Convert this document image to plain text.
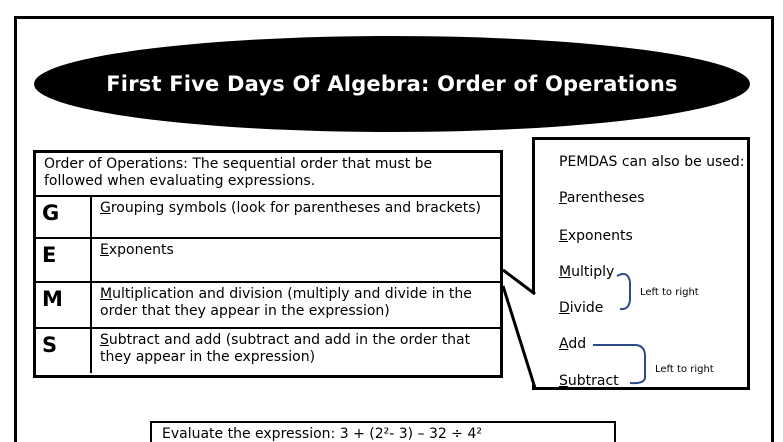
First Five Days Of Algebra: Order of Operations
Order of Operations: The sequential order that must be followed when evaluating expressions.
G	Grouping symbols (look for parentheses and brackets)
E	Exponents
M	Multiplication and division (multiply and divide in the order that they appear in the expression)
S	Subtract and add (subtract and add in the order that they appear in the expression)
PEMDAS can also be used:
Parentheses
Exponents
Multiply
Divide
Add
Subtract
Left to right
Left to right
Evaluate the expression: 3 + (2²- 3) – 32 ÷ 4²
